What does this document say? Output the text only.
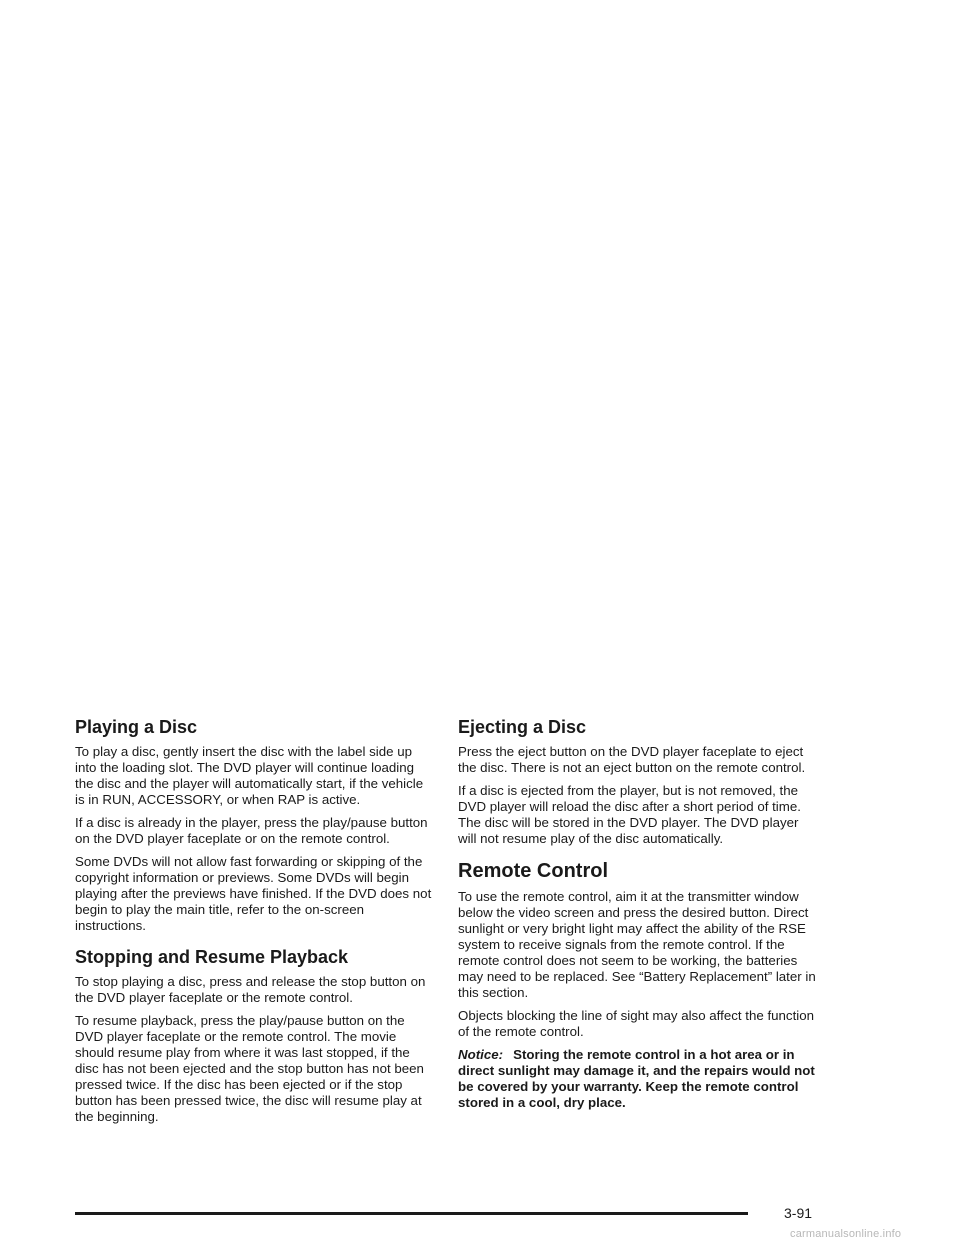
Playing a Disc

To play a disc, gently insert the disc with the label side up into the loading slot. The DVD player will continue loading the disc and the player will automatically start, if the vehicle is in RUN, ACCESSORY, or when RAP is active.

If a disc is already in the player, press the play/pause button on the DVD player faceplate or on the remote control.

Some DVDs will not allow fast forwarding or skipping of the copyright information or previews. Some DVDs will begin playing after the previews have finished. If the DVD does not begin to play the main title, refer to the on-screen instructions.

Stopping and Resume Playback

To stop playing a disc, press and release the stop button on the DVD player faceplate or the remote control.

To resume playback, press the play/pause button on the DVD player faceplate or the remote control. The movie should resume play from where it was last stopped, if the disc has not been ejected and the stop button has not been pressed twice. If the disc has been ejected or if the stop button has been pressed twice, the disc will resume play at the beginning.

Ejecting a Disc

Press the eject button on the DVD player faceplate to eject the disc. There is not an eject button on the remote control.

If a disc is ejected from the player, but is not removed, the DVD player will reload the disc after a short period of time. The disc will be stored in the DVD player. The DVD player will not resume play of the disc automatically.

Remote Control

To use the remote control, aim it at the transmitter window below the video screen and press the desired button. Direct sunlight or very bright light may affect the ability of the RSE system to receive signals from the remote control. If the remote control does not seem to be working, the batteries may need to be replaced. See “Battery Replacement” later in this section.

Objects blocking the line of sight may also affect the function of the remote control.

Notice: Storing the remote control in a hot area or in direct sunlight may damage it, and the repairs would not be covered by your warranty. Keep the remote control stored in a cool, dry place.

3-91
carmanualsonline.info
